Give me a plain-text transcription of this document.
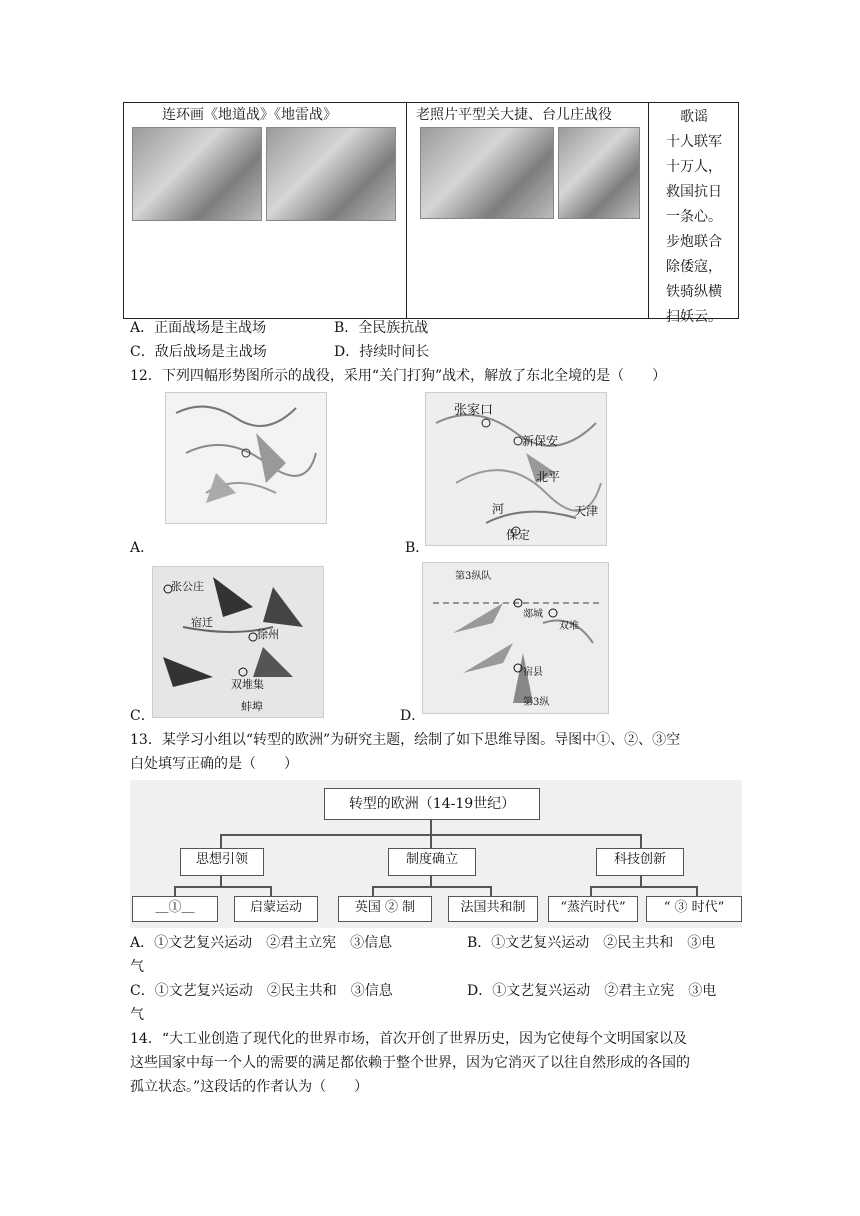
连环画《地道战》《地雷战》	老照片平型关大捷、台儿庄战役	歌谣
十人联军
十万人，
救国抗日
一条心。
步炮联合
除倭寇，
铁骑纵横
扫妖云。
A．正面战场是主战场	B．全民族抗战
C．敌后战场是主战场	D．持续时间长
12．下列四幅形势图所示的战役，采用“关门打狗”战术，解放了东北全境的是（　　）
A．
张家口
新保安
北平
天津
保定
河
B．
张公庄
宿迁
徐州
双堆集
蚌埠
C．
第3纵队
郯城
双堆
宿县
第3纵
D．
13．某学习小组以“转型的欧洲”为研究主题，绘制了如下思维导图。导图中①、②、③空
白处填写正确的是（　　）
转型的欧洲（14-19世纪）
思想引领	制度确立	科技创新
＿①＿	启蒙运动	英国 ② 制	法国共和制	“蒸汽时代”	“ ③ 时代”
A．①文艺复兴运动　②君主立宪　③信息	B．①文艺复兴运动　②民主共和　③电
气
C．①文艺复兴运动　②民主共和　③信息	D．①文艺复兴运动　②君主立宪　③电
气
14．“大工业创造了现代化的世界市场，首次开创了世界历史，因为它使每个文明国家以及
这些国家中每一个人的需要的满足都依赖于整个世界，因为它消灭了以往自然形成的各国的
孤立状态。”这段话的作者认为（　　）
